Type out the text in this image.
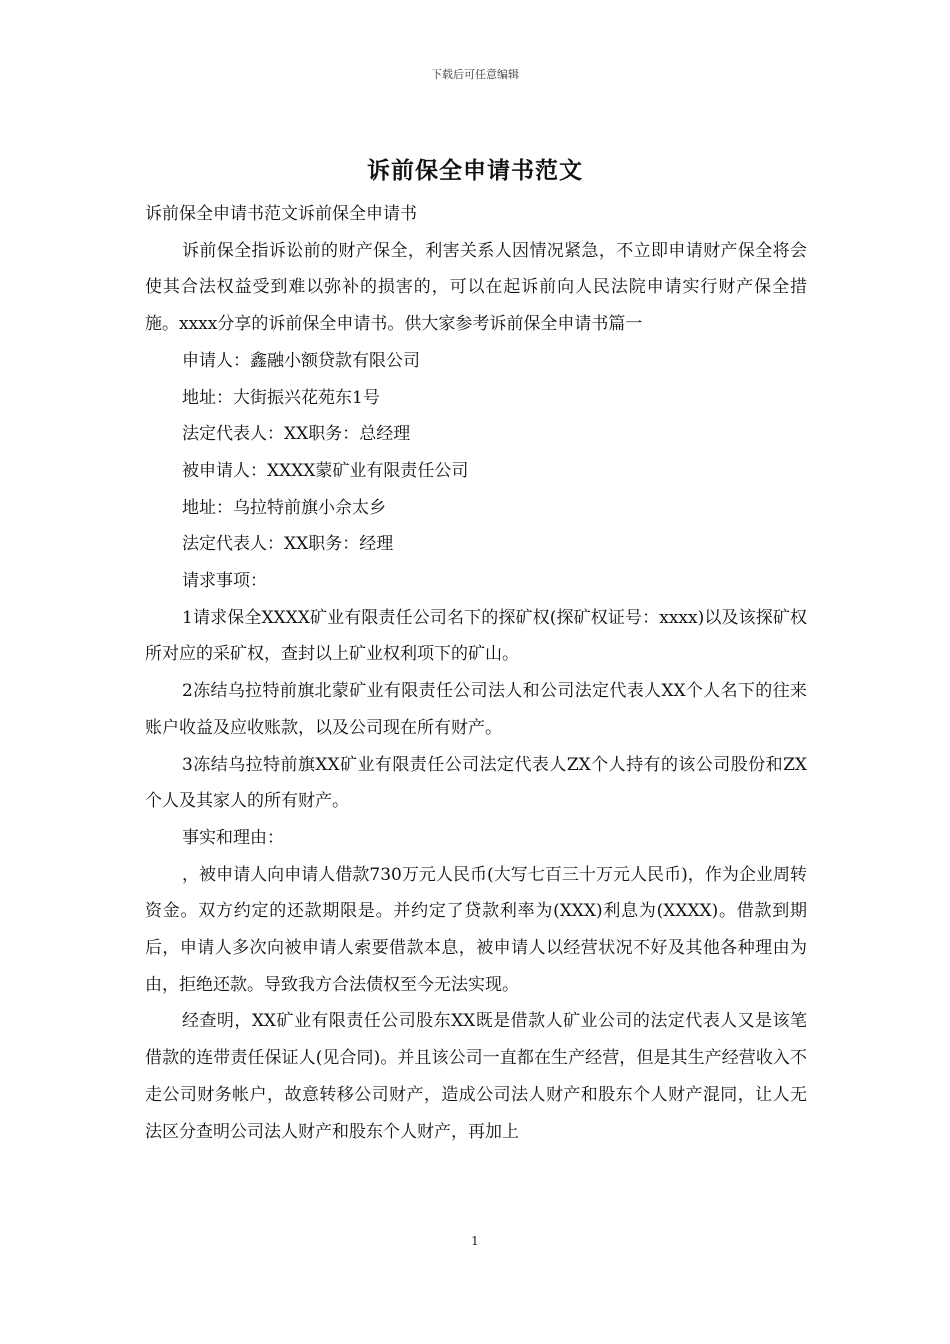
下载后可任意编辑
诉前保全申请书范文

诉前保全申请书范文诉前保全申请书

诉前保全指诉讼前的财产保全，利害关系人因情况紧急，不立即申请财产保全将会使其合法权益受到难以弥补的损害的，可以在起诉前向人民法院申请实行财产保全措施。xxxx分享的诉前保全申请书。供大家参考诉前保全申请书篇一

申请人：鑫融小额贷款有限公司

地址：大街振兴花苑东1号

法定代表人：XX职务：总经理

被申请人：XXXX蒙矿业有限责任公司

地址：乌拉特前旗小佘太乡

法定代表人：XX职务：经理

请求事项：

1请求保全XXXX矿业有限责任公司名下的探矿权(探矿权证号：xxxx)以及该探矿权所对应的采矿权，查封以上矿业权利项下的矿山。

2冻结乌拉特前旗北蒙矿业有限责任公司法人和公司法定代表人XX个人名下的往来账户收益及应收账款，以及公司现在所有财产。

3冻结乌拉特前旗XX矿业有限责任公司法定代表人ZX个人持有的该公司股份和ZX个人及其家人的所有财产。

事实和理由：

，被申请人向申请人借款730万元人民币(大写七百三十万元人民币)，作为企业周转资金。双方约定的还款期限是。并约定了贷款利率为(XXX)利息为(XXXX)。借款到期后，申请人多次向被申请人索要借款本息，被申请人以经营状况不好及其他各种理由为由，拒绝还款。导致我方合法债权至今无法实现。

经查明，XX矿业有限责任公司股东XX既是借款人矿业公司的法定代表人又是该笔借款的连带责任保证人(见合同)。并且该公司一直都在生产经营，但是其生产经营收入不走公司财务帐户，故意转移公司财产，造成公司法人财产和股东个人财产混同，让人无法区分查明公司法人财产和股东个人财产，再加上

1
